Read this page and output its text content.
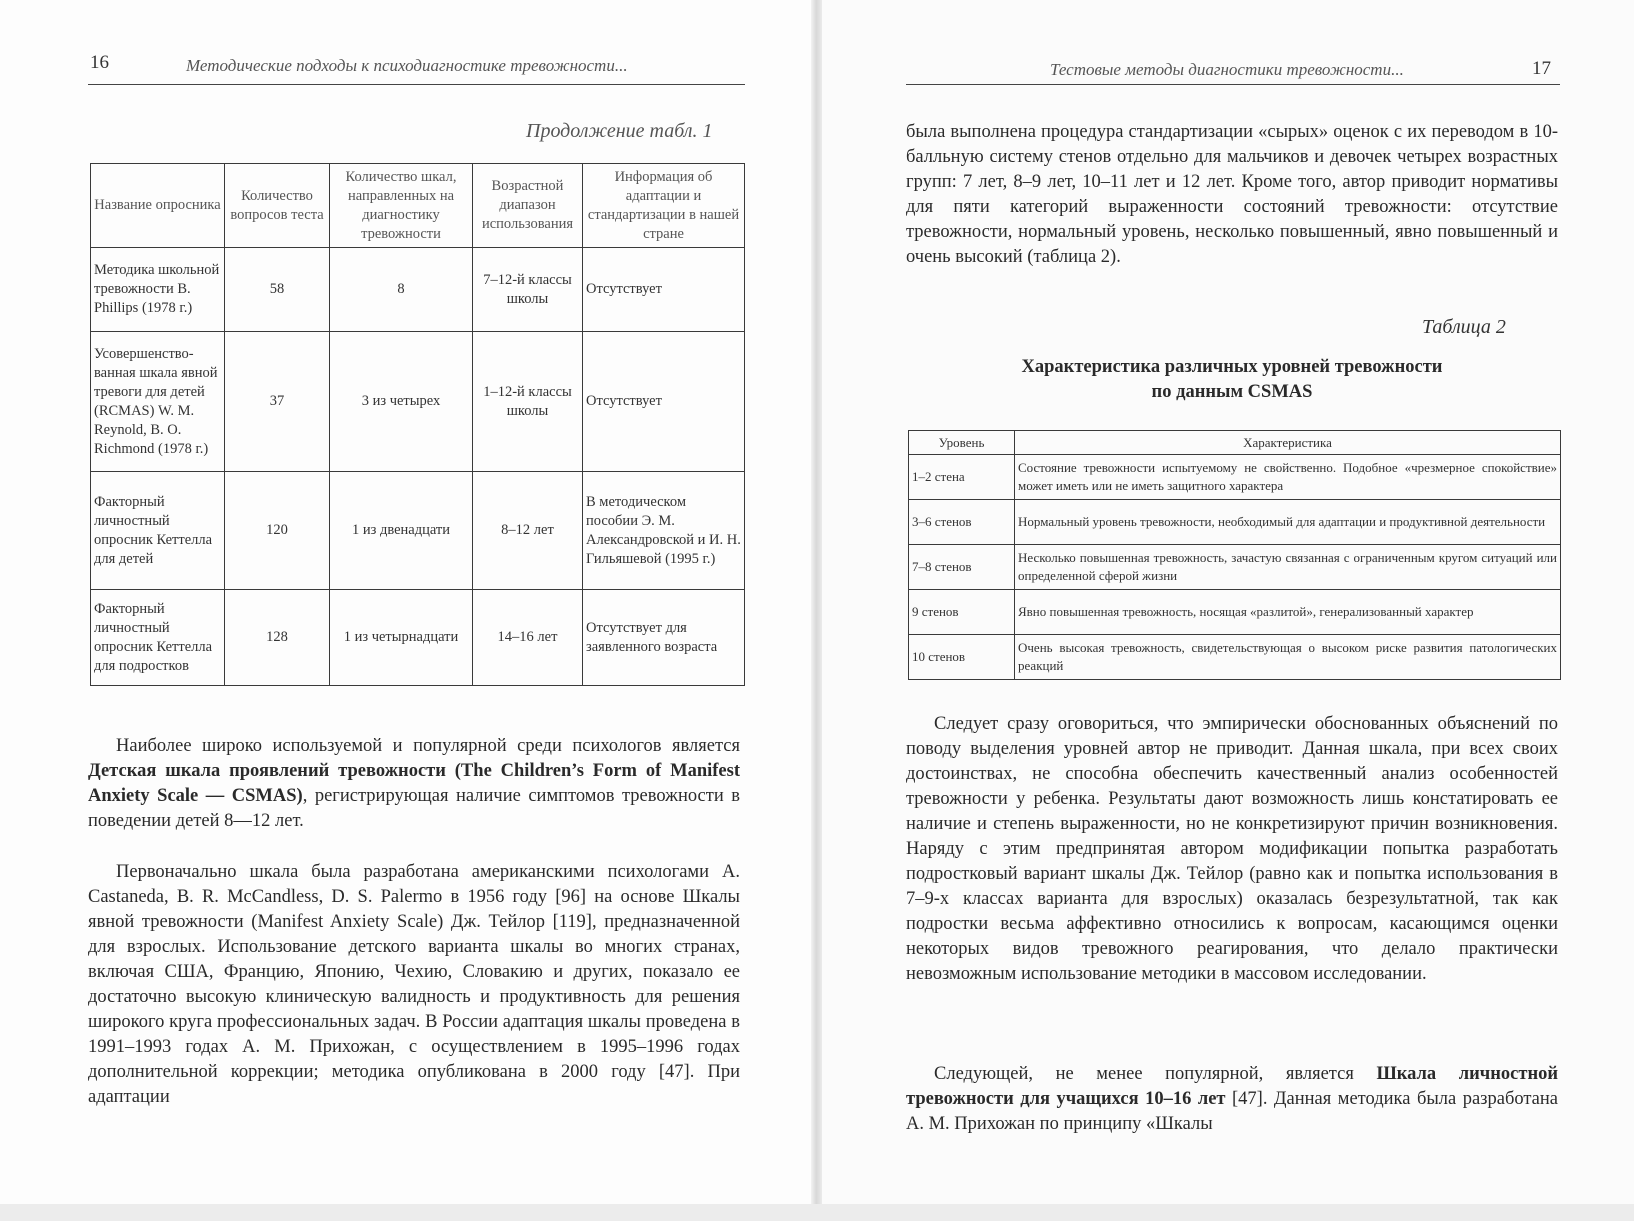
16	Методические подходы к психодиагностике тревожности...
Продолжение табл. 1
Название опросника	Количество вопросов теста	Количество шкал, направленных на диагностику тревожности	Возрастной диапазон использования	Информация об адаптации и стандартизации в нашей стране
Методика школьной тревожности В. Phillips (1978 г.)	58	8	7–12-й классы школы	Отсутствует
Усовершенство-ванная шкала явной тревоги для детей (RCMAS) W. M. Reynold, B. O. Richmond (1978 г.)	37	3 из четырех	1–12-й классы школы	Отсутствует
Факторный личностный опросник Кеттелла для детей	120	1 из двенадцати	8–12 лет	В методическом пособии Э. М. Александровской и И. Н. Гильяшевой (1995 г.)
Факторный личностный опросник Кеттелла для подростков	128	1 из четырнадцати	14–16 лет	Отсутствует для заявленного возраста
Наиболее широко используемой и популярной среди психологов является Детская шкала проявлений тревожности (The Children’s Form of Manifest Anxiety Scale — CSMAS), регистрирующая наличие симптомов тревожности в поведении детей 8—12 лет.
Первоначально шкала была разработана американскими психологами A. Castaneda, B. R. McCandless, D. S. Palermo в 1956 году [96] на основе Шкалы явной тревожности (Manifest Anxiety Scale) Дж. Тейлор [119], предназначенной для взрослых. Использование детского варианта шкалы во многих странах, включая США, Францию, Японию, Чехию, Словакию и других, показало ее достаточно высокую клиническую валидность и продуктивность для решения широкого круга профессиональных задач. В России адаптация шкалы проведена в 1991–1993 годах А. М. Прихожан, с осуществлением в 1995–1996 годах дополнительной коррекции; методика опубликована в 2000 году [47]. При адаптации
Тестовые методы диагностики тревожности...	17
была выполнена процедура стандартизации «сырых» оценок с их переводом в 10-балльную систему стенов отдельно для мальчиков и девочек четырех возрастных групп: 7 лет, 8–9 лет, 10–11 лет и 12 лет. Кроме того, автор приводит нормативы для пяти категорий выраженности состояний тревожности: отсутствие тревожности, нормальный уровень, несколько повышенный, явно повышенный и очень высокий (таблица 2).
Таблица 2
Характеристика различных уровней тревожности
по данным CSMAS
Уровень	Характеристика
1–2 стена	Состояние тревожности испытуемому не свойственно. Подобное «чрезмерное спокойствие» может иметь или не иметь защитного характера
3–6 стенов	Нормальный уровень тревожности, необходимый для адаптации и продуктивной деятельности
7–8 стенов	Несколько повышенная тревожность, зачастую связанная с ограниченным кругом ситуаций или определенной сферой жизни
9 стенов	Явно повышенная тревожность, носящая «разлитой», генерализованный характер
10 стенов	Очень высокая тревожность, свидетельствующая о высоком риске развития патологических реакций
Следует сразу оговориться, что эмпирически обоснованных объяснений по поводу выделения уровней автор не приводит. Данная шкала, при всех своих достоинствах, не способна обеспечить качественный анализ особенностей тревожности у ребенка. Результаты дают возможность лишь констатировать ее наличие и степень выраженности, но не конкретизируют причин возникновения. Наряду с этим предпринятая автором модификации попытка разработать подростковый вариант шкалы Дж. Тейлор (равно как и попытка использования в 7–9-х классах варианта для взрослых) оказалась безрезультатной, так как подростки весьма аффективно относились к вопросам, касающимся оценки некоторых видов тревожного реагирования, что делало практически невозможным использование методики в массовом исследовании.
Следующей, не менее популярной, является Шкала личностной тревожности для учащихся 10–16 лет [47]. Данная методика была разработана А. М. Прихожан по принципу «Шкалы
